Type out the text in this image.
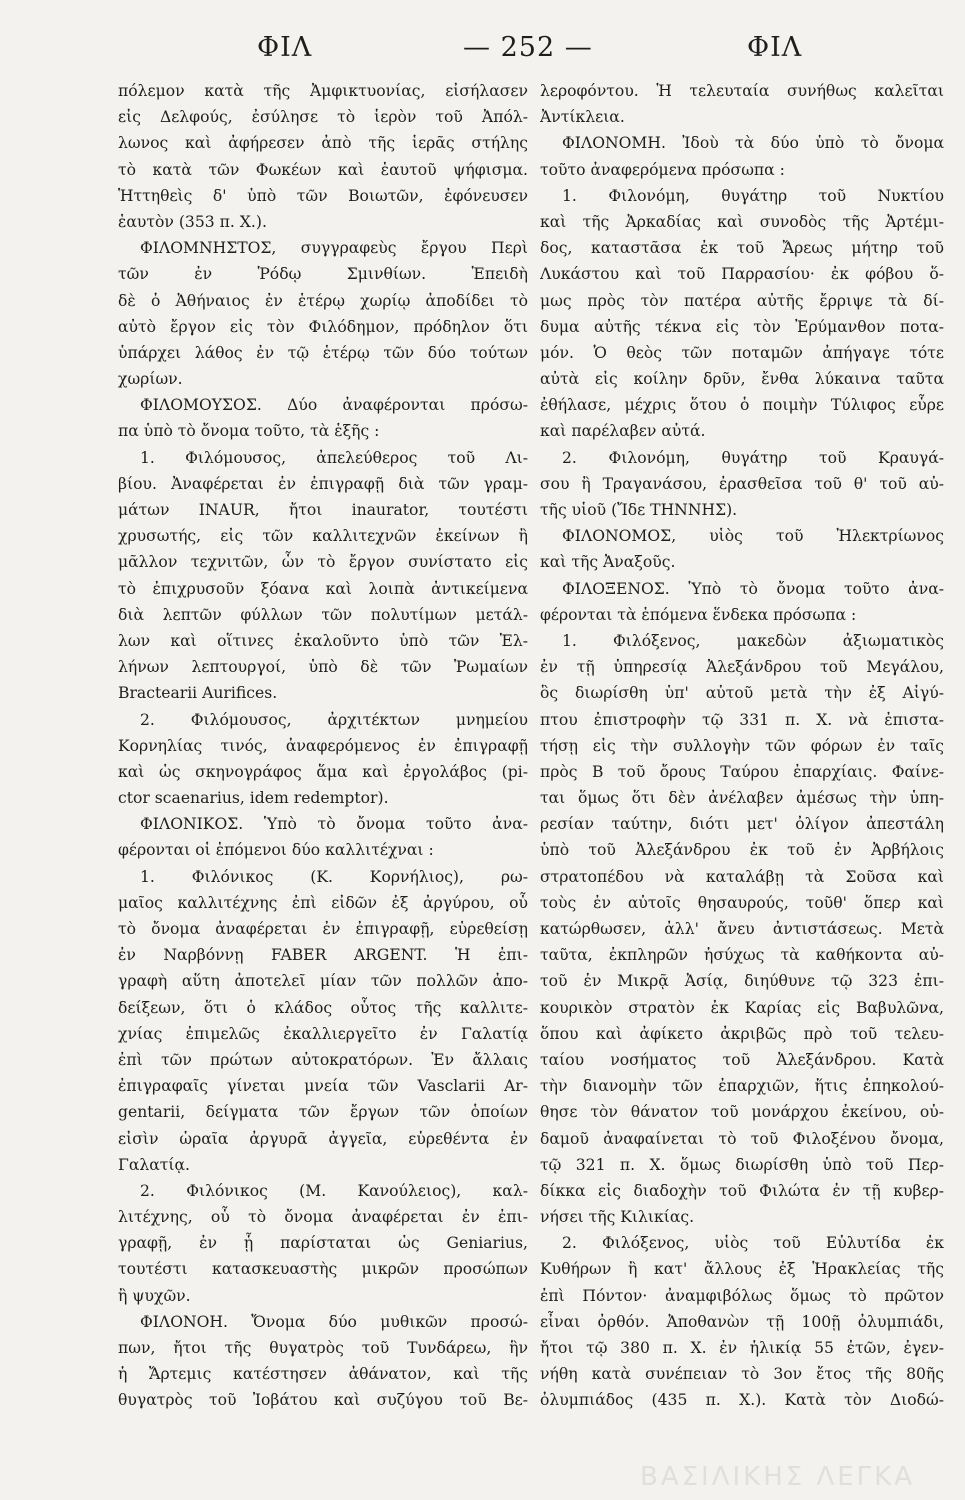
ΦΙΛ	— 252 —	ΦΙΛ
πόλεμον κατὰ τῆς Ἀμφικτυονίας, εἰσήλασεν
εἰς Δελφούς, ἐσύλησε τὸ ἱερὸν τοῦ Ἀπόλ-
λωνος καὶ ἀφήρεσεν ἀπὸ τῆς ἱερᾶς στήλης
τὸ κατὰ τῶν Φωκέων καὶ ἑαυτοῦ ψήφισμα.
Ἡττηθεὶς δ' ὑπὸ τῶν Βοιωτῶν, ἐφόνευσεν
ἑαυτὸν (353 π. Χ.).
ΦΙΛΟΜΝΗΣΤΟΣ, συγγραφεὺς ἔργου Περὶ
τῶν ἐν Ῥόδῳ Σμινθίων. Ἐπειδὴ
δὲ ὁ Ἀθήναιος ἐν ἑτέρῳ χωρίῳ ἀποδίδει τὸ
αὐτὸ ἔργον εἰς τὸν Φιλόδημον, πρόδηλον ὅτι
ὑπάρχει λάθος ἐν τῷ ἑτέρῳ τῶν δύο τούτων
χωρίων.
ΦΙΛΟΜΟΥΣΟΣ. Δύο ἀναφέρονται πρόσω-
πα ὑπὸ τὸ ὄνομα τοῦτο, τὰ ἑξῆς :
1. Φιλόμουσος, ἀπελεύθερος τοῦ Λι-
βίου. Ἀναφέρεται ἐν ἐπιγραφῇ διὰ τῶν γραμ-
μάτων INAUR, ἤτοι inaurator, τουτέστι
χρυσωτής, εἰς τῶν καλλιτεχνῶν ἐκείνων ἢ
μᾶλλον τεχνιτῶν, ὧν τὸ ἔργον συνίστατο εἰς
τὸ ἐπιχρυσοῦν ξόανα καὶ λοιπὰ ἀντικείμενα
διὰ λεπτῶν φύλλων τῶν πολυτίμων μετάλ-
λων καὶ οἵτινες ἐκαλοῦντο ὑπὸ τῶν Ἑλ-
λήνων λεπτουργοί, ὑπὸ δὲ τῶν Ῥωμαίων
Bractearii Aurifices.
2. Φιλόμουσος, ἀρχιτέκτων μνημείου
Κορνηλίας τινός, ἀναφερόμενος ἐν ἐπιγραφῇ
καὶ ὡς σκηνογράφος ἅμα καὶ ἐργολάβος (pi-
ctor scaenarius, idem redemptor).
ΦΙΛΟΝΙΚΟΣ. Ὑπὸ τὸ ὄνομα τοῦτο ἀνα-
φέρονται οἱ ἑπόμενοι δύο καλλιτέχναι :
1. Φιλόνικος (Κ. Κορνήλιος), ρω-
μαῖος καλλιτέχνης ἐπὶ εἰδῶν ἐξ ἀργύρου, οὗ
τὸ ὄνομα ἀναφέρεται ἐν ἐπιγραφῇ, εὑρεθείσῃ
ἐν Ναρβόννῃ FABER ARGENT. Ἡ ἐπι-
γραφὴ αὕτη ἀποτελεῖ μίαν τῶν πολλῶν ἀπο-
δείξεων, ὅτι ὁ κλάδος οὗτος τῆς καλλιτε-
χνίας ἐπιμελῶς ἐκαλλιεργεῖτο ἐν Γαλατίᾳ
ἐπὶ τῶν πρώτων αὐτοκρατόρων. Ἐν ἄλλαις
ἐπιγραφαῖς γίνεται μνεία τῶν Vasclarii Ar-
gentarii, δείγματα τῶν ἔργων τῶν ὁποίων
εἰσὶν ὡραῖα ἀργυρᾶ ἀγγεῖα, εὑρεθέντα ἐν
Γαλατίᾳ.
2. Φιλόνικος (Μ. Κανούλειος), καλ-
λιτέχνης, οὗ τὸ ὄνομα ἀναφέρεται ἐν ἐπι-
γραφῇ, ἐν ᾗ παρίσταται ὡς Geniarius,
τουτέστι κατασκευαστὴς μικρῶν προσώπων
ἢ ψυχῶν.
ΦΙΛΟΝΟΗ. Ὄνομα δύο μυθικῶν προσώ-
πων, ἤτοι τῆς θυγατρὸς τοῦ Τυνδάρεω, ἣν
ἡ Ἄρτεμις κατέστησεν ἀθάνατον, καὶ τῆς
θυγατρὸς τοῦ Ἰοβάτου καὶ συζύγου τοῦ Βε-
λεροφόντου. Ἡ τελευταία συνήθως καλεῖται
Ἀντίκλεια.
ΦΙΛΟΝΟΜΗ. Ἰδοὺ τὰ δύο ὑπὸ τὸ ὄνομα
τοῦτο ἀναφερόμενα πρόσωπα :
1. Φιλονόμη, θυγάτηρ τοῦ Νυκτίου
καὶ τῆς Ἀρκαδίας καὶ συνοδὸς τῆς Ἀρτέμι-
δος, καταστᾶσα ἐκ τοῦ Ἄρεως μήτηρ τοῦ
Λυκάστου καὶ τοῦ Παρρασίου· ἐκ φόβου ὅ-
μως πρὸς τὸν πατέρα αὐτῆς ἔρριψε τὰ δί-
δυμα αὐτῆς τέκνα εἰς τὸν Ἐρύμανθον ποτα-
μόν. Ὁ θεὸς τῶν ποταμῶν ἀπήγαγε τότε
αὐτὰ εἰς κοίλην δρῦν, ἔνθα λύκαινα ταῦτα
ἐθήλασε, μέχρις ὅτου ὁ ποιμὴν Τύλιφος εὗρε
καὶ παρέλαβεν αὐτά.
2. Φιλονόμη, θυγάτηρ τοῦ Κραυγά-
σου ἢ Τραγανάσου, ἐρασθεῖσα τοῦ θ' τοῦ αὐ-
τῆς υἱοῦ (Ἴδε ΤΗΝΝΗΣ).
ΦΙΛΟΝΟΜΟΣ, υἱὸς τοῦ Ἠλεκτρίωνος
καὶ τῆς Ἀναξοῦς.
ΦΙΛΟΞΕΝΟΣ. Ὑπὸ τὸ ὄνομα τοῦτο ἀνα-
φέρονται τὰ ἑπόμενα ἕνδεκα πρόσωπα :
1. Φιλόξενος, μακεδὼν ἀξιωματικὸς
ἐν τῇ ὑπηρεσίᾳ Ἀλεξάνδρου τοῦ Μεγάλου,
ὃς διωρίσθη ὑπ' αὐτοῦ μετὰ τὴν ἐξ Αἰγύ-
πτου ἐπιστροφὴν τῷ 331 π. Χ. νὰ ἐπιστα-
τήσῃ εἰς τὴν συλλογὴν τῶν φόρων ἐν ταῖς
πρὸς Β τοῦ ὄρους Ταύρου ἐπαρχίαις. Φαίνε-
ται ὅμως ὅτι δὲν ἀνέλαβεν ἀμέσως τὴν ὑπη-
ρεσίαν ταύτην, διότι μετ' ὀλίγον ἀπεστάλη
ὑπὸ τοῦ Ἀλεξάνδρου ἐκ τοῦ ἐν Ἀρβήλοις
στρατοπέδου νὰ καταλάβῃ τὰ Σοῦσα καὶ
τοὺς ἐν αὐτοῖς θησαυρούς, τοῦθ' ὅπερ καὶ
κατώρθωσεν, ἀλλ' ἄνευ ἀντιστάσεως. Μετὰ
ταῦτα, ἐκπληρῶν ἡσύχως τὰ καθήκοντα αὐ-
τοῦ ἐν Μικρᾷ Ἀσίᾳ, διηύθυνε τῷ 323 ἐπι-
κουρικὸν στρατὸν ἐκ Καρίας εἰς Βαβυλῶνα,
ὅπου καὶ ἀφίκετο ἀκριβῶς πρὸ τοῦ τελευ-
ταίου νοσήματος τοῦ Ἀλεξάνδρου. Κατὰ
τὴν διανομὴν τῶν ἐπαρχιῶν, ἥτις ἐπηκολού-
θησε τὸν θάνατον τοῦ μονάρχου ἐκείνου, οὐ-
δαμοῦ ἀναφαίνεται τὸ τοῦ Φιλοξένου ὄνομα,
τῷ 321 π. Χ. ὅμως διωρίσθη ὑπὸ τοῦ Περ-
δίκκα εἰς διαδοχὴν τοῦ Φιλώτα ἐν τῇ κυβερ-
νήσει τῆς Κιλικίας.
2. Φιλόξενος, υἱὸς τοῦ Εὐλυτίδα ἐκ
Κυθήρων ἢ κατ' ἄλλους ἐξ Ἡρακλείας τῆς
ἐπὶ Πόντον· ἀναμφιβόλως ὅμως τὸ πρῶτον
εἶναι ὀρθόν. Ἀποθανὼν τῇ 100ῇ ὀλυμπιάδι,
ἤτοι τῷ 380 π. Χ. ἐν ἡλικίᾳ 55 ἐτῶν, ἐγεν-
νήθη κατὰ συνέπειαν τὸ 3ον ἔτος τῆς 80ῆς
ὀλυμπιάδος (435 π. Χ.). Κατὰ τὸν Διοδώ-
ΒΑΣΙΛΙΚΗΣ ΛΕΓΚΑ
